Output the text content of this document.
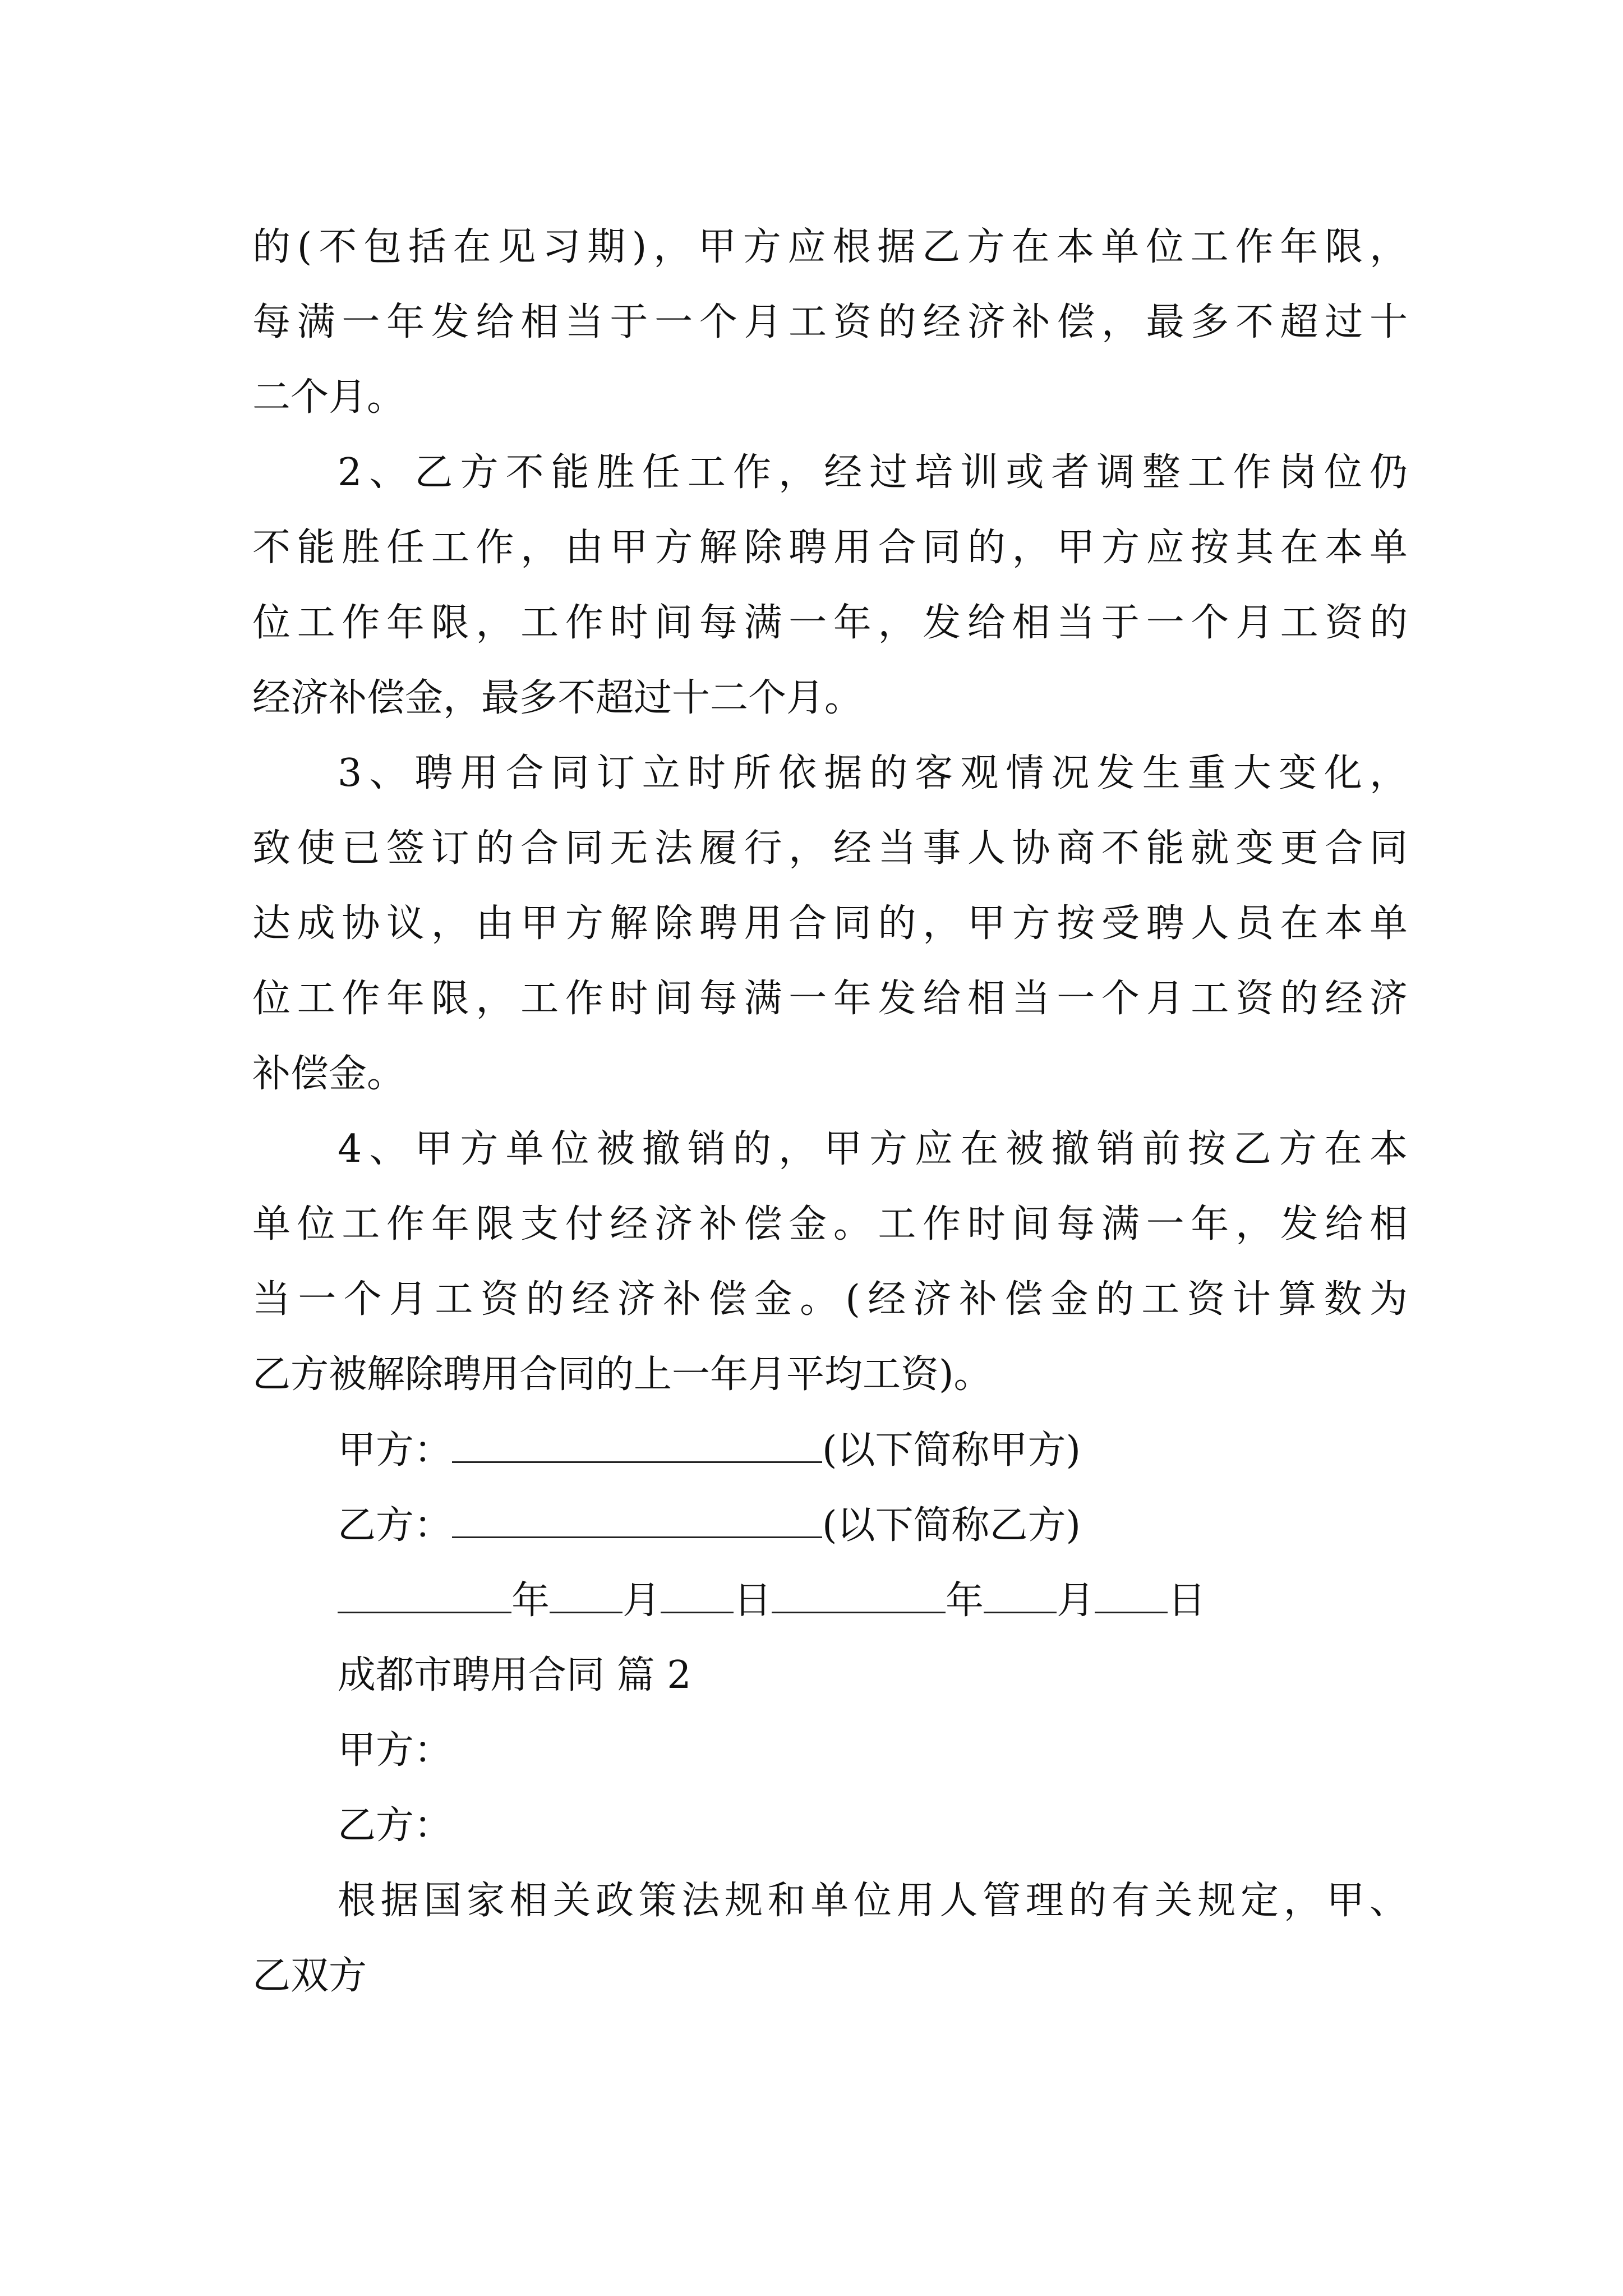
的(不包括在见习期)，甲方应根据乙方在本单位工作年限，
每满一年发给相当于一个月工资的经济补偿，最多不超过十
二个月。
2、乙方不能胜任工作，经过培训或者调整工作岗位仍
不能胜任工作，由甲方解除聘用合同的，甲方应按其在本单
位工作年限，工作时间每满一年，发给相当于一个月工资的
经济补偿金，最多不超过十二个月。
3、聘用合同订立时所依据的客观情况发生重大变化，
致使已签订的合同无法履行，经当事人协商不能就变更合同
达成协议，由甲方解除聘用合同的，甲方按受聘人员在本单
位工作年限，工作时间每满一年发给相当一个月工资的经济
补偿金。
4、甲方单位被撤销的，甲方应在被撤销前按乙方在本
单位工作年限支付经济补偿金。工作时间每满一年，发给相
当一个月工资的经济补偿金。(经济补偿金的工资计算数为
乙方被解除聘用合同的上一年月平均工资)。
甲方：	(以下简称甲方)
乙方：	(以下简称乙方)
年 月 日	年 月 日
成都市聘用合同 篇 2
甲方：
乙方：
根据国家相关政策法规和单位用人管理的有关规定，甲、
乙双方
